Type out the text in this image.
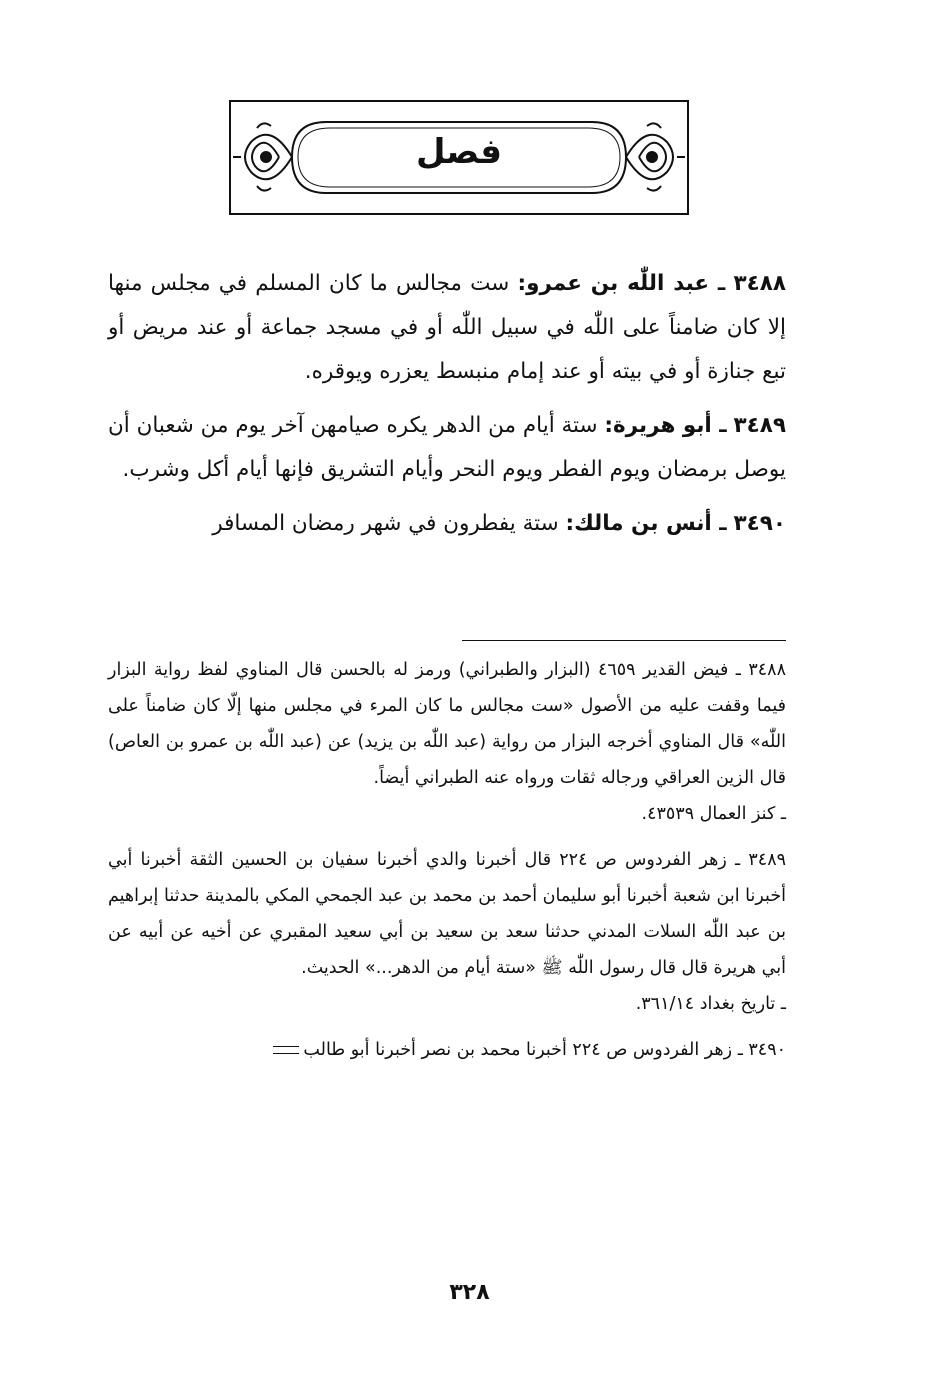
فصل

٣٤٨٨ ـ عبد اللّٰه بن عمرو: ست مجالس ما كان المسلم في مجلس منها إلا كان ضامناً على اللّٰه في سبيل اللّٰه أو في مسجد جماعة أو عند مريض أو تبع جنازة أو في بيته أو عند إمام منبسط يعزره ويوقره.

٣٤٨٩ ـ أبو هريرة: ستة أيام من الدهر يكره صيامهن آخر يوم من شعبان أن يوصل برمضان ويوم الفطر ويوم النحر وأيام التشريق فإنها أيام أكل وشرب.

٣٤٩٠ ـ أنس بن مالك: ستة يفطرون في شهر رمضان المسافر

٣٤٨٨ ـ فيض القدير ٤٦٥٩ (البزار والطبراني) ورمز له بالحسن قال المناوي لفظ رواية البزار فيما وقفت عليه من الأصول «ست مجالس ما كان المرء في مجلس منها إلّا كان ضامناً على اللّٰه» قال المناوي أخرجه البزار من رواية (عبد اللّٰه بن يزيد) عن (عبد اللّٰه بن عمرو بن العاص) قال الزين العراقي ورجاله ثقات ورواه عنه الطبراني أيضاً.
ـ كنز العمال ٤٣٥٣٩.
٣٤٨٩ ـ زهر الفردوس ص ٢٢٤ قال أخبرنا والدي أخبرنا سفيان بن الحسين الثقة أخبرنا أبي أخبرنا ابن شعبة أخبرنا أبو سليمان أحمد بن محمد بن عبد الجمحي المكي بالمدينة حدثنا إبراهيم بن عبد اللّٰه السلات المدني حدثنا سعد بن سعيد بن أبي سعيد المقبري عن أخيه عن أبيه عن أبي هريرة قال قال رسول اللّٰه ﷺ «ستة أيام من الدهر...» الحديث.
ـ تاريخ بغداد ٣٦١/١٤.
٣٤٩٠ ـ زهر الفردوس ص ٢٢٤ أخبرنا محمد بن نصر أخبرنا أبو طالب
٣٢٨
